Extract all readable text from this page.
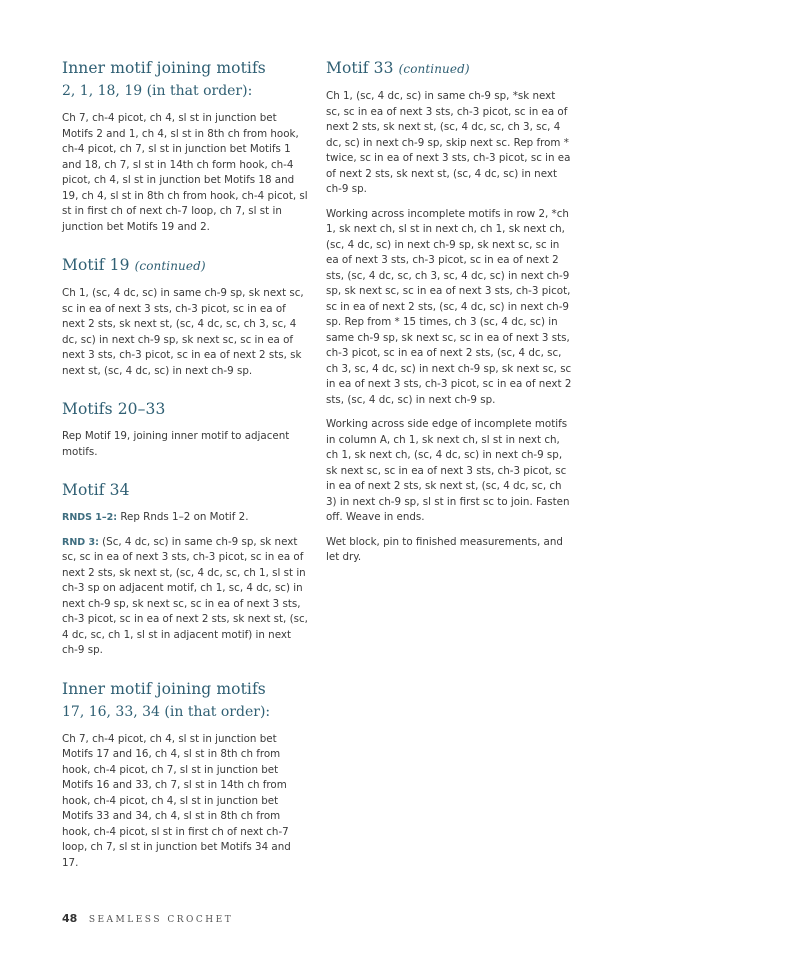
Inner motif joining motifs
2, 1, 18, 19 (in that order):

Ch 7, ch-4 picot, ch 4, sl st in junction bet Motifs 2 and 1, ch 4, sl st in 8th ch from hook, ch-4 picot, ch 7, sl st in junction bet Motifs 1 and 18, ch 7, sl st in 14th ch form hook, ch-4 picot, ch 4, sl st in junction bet Motifs 18 and 19, ch 4, sl st in 8th ch from hook, ch-4 picot, sl st in first ch of next ch-7 loop, ch 7, sl st in junction bet Motifs 19 and 2.

Motif 19 (continued)

Ch 1, (sc, 4 dc, sc) in same ch-9 sp, sk next sc, sc in ea of next 3 sts, ch-3 picot, sc in ea of next 2 sts, sk next st, (sc, 4 dc, sc, ch 3, sc, 4 dc, sc) in next ch-9 sp, sk next sc, sc in ea of next 3 sts, ch-3 picot, sc in ea of next 2 sts, sk next st, (sc, 4 dc, sc) in next ch-9 sp.

Motifs 20–33

Rep Motif 19, joining inner motif to adjacent motifs.

Motif 34

RNDS 1–2: Rep Rnds 1–2 on Motif 2.

RND 3: (Sc, 4 dc, sc) in same ch-9 sp, sk next sc, sc in ea of next 3 sts, ch-3 picot, sc in ea of next 2 sts, sk next st, (sc, 4 dc, sc, ch 1, sl st in ch-3 sp on adjacent motif, ch 1, sc, 4 dc, sc) in next ch-9 sp, sk next sc, sc in ea of next 3 sts, ch-3 picot, sc in ea of next 2 sts, sk next st, (sc, 4 dc, sc, ch 1, sl st in adjacent motif) in next ch-9 sp.

Inner motif joining motifs
17, 16, 33, 34 (in that order):

Ch 7, ch-4 picot, ch 4, sl st in junction bet Motifs 17 and 16, ch 4, sl st in 8th ch from hook, ch-4 picot, ch 7, sl st in junction bet Motifs 16 and 33, ch 7, sl st in 14th ch from hook, ch-4 picot, ch 4, sl st in junction bet Motifs 33 and 34, ch 4, sl st in 8th ch from hook, ch-4 picot, sl st in first ch of next ch-7 loop, ch 7, sl st in junction bet Motifs 34 and 17.

Motif 33 (continued)

Ch 1, (sc, 4 dc, sc) in same ch-9 sp, *sk next sc, sc in ea of next 3 sts, ch-3 picot, sc in ea of next 2 sts, sk next st, (sc, 4 dc, sc, ch 3, sc, 4 dc, sc) in next ch-9 sp, skip next sc. Rep from * twice, sc in ea of next 3 sts, ch-3 picot, sc in ea of next 2 sts, sk next st, (sc, 4 dc, sc) in next ch-9 sp.

Working across incomplete motifs in row 2, *ch 1, sk next ch, sl st in next ch, ch 1, sk next ch, (sc, 4 dc, sc) in next ch-9 sp, sk next sc, sc in ea of next 3 sts, ch-3 picot, sc in ea of next 2 sts, (sc, 4 dc, sc, ch 3, sc, 4 dc, sc) in next ch-9 sp, sk next sc, sc in ea of next 3 sts, ch-3 picot, sc in ea of next 2 sts, (sc, 4 dc, sc) in next ch-9 sp. Rep from * 15 times, ch 3 (sc, 4 dc, sc) in same ch-9 sp, sk next sc, sc in ea of next 3 sts, ch-3 picot, sc in ea of next 2 sts, (sc, 4 dc, sc, ch 3, sc, 4 dc, sc) in next ch-9 sp, sk next sc, sc in ea of next 3 sts, ch-3 picot, sc in ea of next 2 sts, (sc, 4 dc, sc) in next ch-9 sp.

Working across side edge of incomplete motifs in column A, ch 1, sk next ch, sl st in next ch, ch 1, sk next ch, (sc, 4 dc, sc) in next ch-9 sp, sk next sc, sc in ea of next 3 sts, ch-3 picot, sc in ea of next 2 sts, sk next st, (sc, 4 dc, sc, ch 3) in next ch-9 sp, sl st in first sc to join. Fasten off. Weave in ends.

Wet block, pin to finished measurements, and let dry.

48 SEAMLESS CROCHET
